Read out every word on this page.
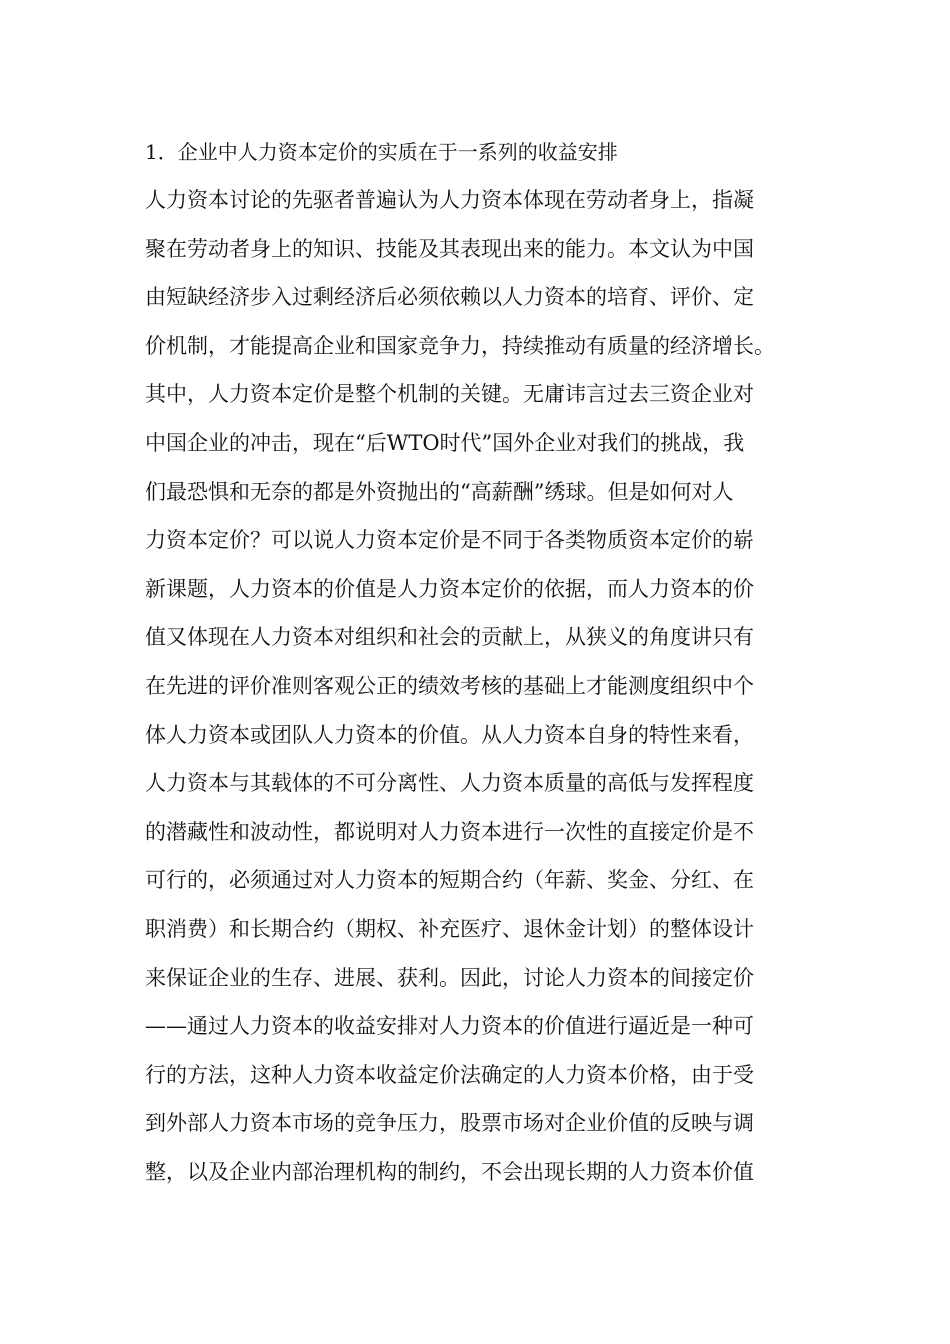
1．企业中人力资本定价的实质在于一系列的收益安排

人力资本讨论的先驱者普遍认为人力资本体现在劳动者身上，指凝

聚在劳动者身上的知识、技能及其表现出来的能力。本文认为中国

由短缺经济步入过剩经济后必须依赖以人力资本的培育、评价、定

价机制，才能提高企业和国家竞争力，持续推动有质量的经济增长。

其中，人力资本定价是整个机制的关键。无庸讳言过去三资企业对

中国企业的冲击，现在“后WTO时代”国外企业对我们的挑战，我

们最恐惧和无奈的都是外资抛出的“高薪酬”绣球。但是如何对人

力资本定价？可以说人力资本定价是不同于各类物质资本定价的崭

新课题，人力资本的价值是人力资本定价的依据，而人力资本的价

值又体现在人力资本对组织和社会的贡献上，从狭义的角度讲只有

在先进的评价准则客观公正的绩效考核的基础上才能测度组织中个

体人力资本或团队人力资本的价值。从人力资本自身的特性来看，

人力资本与其载体的不可分离性、人力资本质量的高低与发挥程度

的潜藏性和波动性，都说明对人力资本进行一次性的直接定价是不

可行的，必须通过对人力资本的短期合约（年薪、奖金、分红、在

职消费）和长期合约（期权、补充医疗、退休金计划）的整体设计

来保证企业的生存、进展、获利。因此，讨论人力资本的间接定价

——通过人力资本的收益安排对人力资本的价值进行逼近是一种可

行的方法，这种人力资本收益定价法确定的人力资本价格，由于受

到外部人力资本市场的竞争压力，股票市场对企业价值的反映与调

整，以及企业内部治理机构的制约，不会出现长期的人力资本价值
